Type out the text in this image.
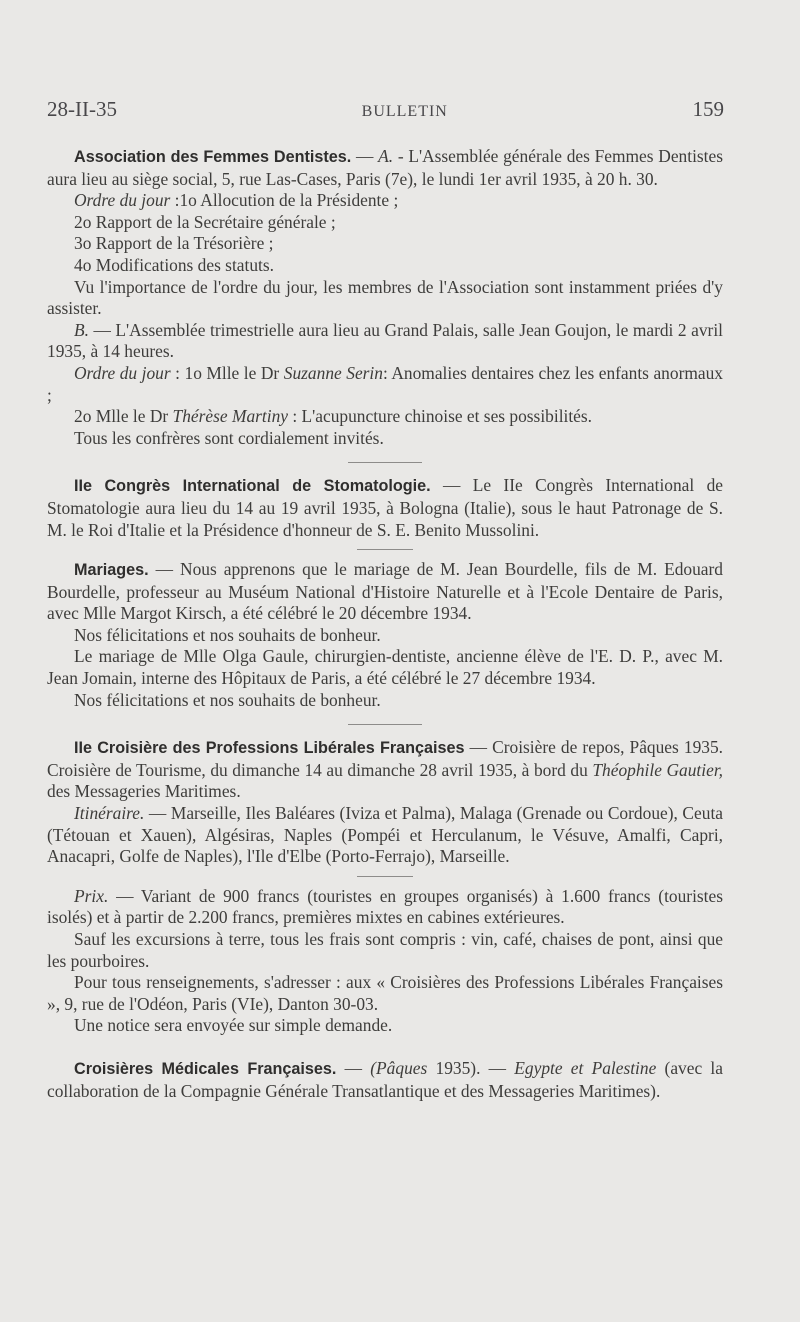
28-II-35	BULLETIN	159

Association des Femmes Dentistes. — A. - L'Assemblée générale des Femmes Dentistes aura lieu au siège social, 5, rue Las-Cases, Paris (7e), le lundi 1er avril 1935, à 20 h. 30.

Ordre du jour :1o Allocution de la Présidente ;

2o Rapport de la Secrétaire générale ;

3o Rapport de la Trésorière ;

4o Modifications des statuts.

Vu l'importance de l'ordre du jour, les membres de l'Association sont instamment priées d'y assister.

B. — L'Assemblée trimestrielle aura lieu au Grand Palais, salle Jean Goujon, le mardi 2 avril 1935, à 14 heures.

Ordre du jour : 1o Mlle le Dr Suzanne Serin: Anomalies dentaires chez les enfants anormaux ;

2o Mlle le Dr Thérèse Martiny : L'acupuncture chinoise et ses possibilités.

Tous les confrères sont cordialement invités.

IIe Congrès International de Stomatologie. — Le IIe Congrès International de Stomatologie aura lieu du 14 au 19 avril 1935, à Bologna (Italie), sous le haut Patronage de S. M. le Roi d'Italie et la Présidence d'honneur de S. E. Benito Mussolini.

Mariages. — Nous apprenons que le mariage de M. Jean Bourdelle, fils de M. Edouard Bourdelle, professeur au Muséum National d'Histoire Naturelle et à l'Ecole Dentaire de Paris, avec Mlle Margot Kirsch, a été célébré le 20 décembre 1934.

Nos félicitations et nos souhaits de bonheur.

Le mariage de Mlle Olga Gaule, chirurgien-dentiste, ancienne élève de l'E. D. P., avec M. Jean Jomain, interne des Hôpitaux de Paris, a été célébré le 27 décembre 1934.

Nos félicitations et nos souhaits de bonheur.

IIe Croisière des Professions Libérales Françaises — Croisière de repos, Pâques 1935. Croisière de Tourisme, du dimanche 14 au dimanche 28 avril 1935, à bord du Théophile Gautier, des Messageries Maritimes.

Itinéraire. — Marseille, Iles Baléares (Iviza et Palma), Malaga (Grenade ou Cordoue), Ceuta (Tétouan et Xauen), Algésiras, Naples (Pompéi et Herculanum, le Vésuve, Amalfi, Capri, Anacapri, Golfe de Naples), l'Ile d'Elbe (Porto-Ferrajo), Marseille.

Prix. — Variant de 900 francs (touristes en groupes organisés) à 1.600 francs (touristes isolés) et à partir de 2.200 francs, premières mixtes en cabines extérieures.

Sauf les excursions à terre, tous les frais sont compris : vin, café, chaises de pont, ainsi que les pourboires.

Pour tous renseignements, s'adresser : aux « Croisières des Professions Libérales Françaises », 9, rue de l'Odéon, Paris (VIe), Danton 30-03.

Une notice sera envoyée sur simple demande.

Croisières Médicales Françaises. — (Pâques 1935). — Egypte et Palestine (avec la collaboration de la Compagnie Générale Transatlantique et des Messageries Maritimes).
